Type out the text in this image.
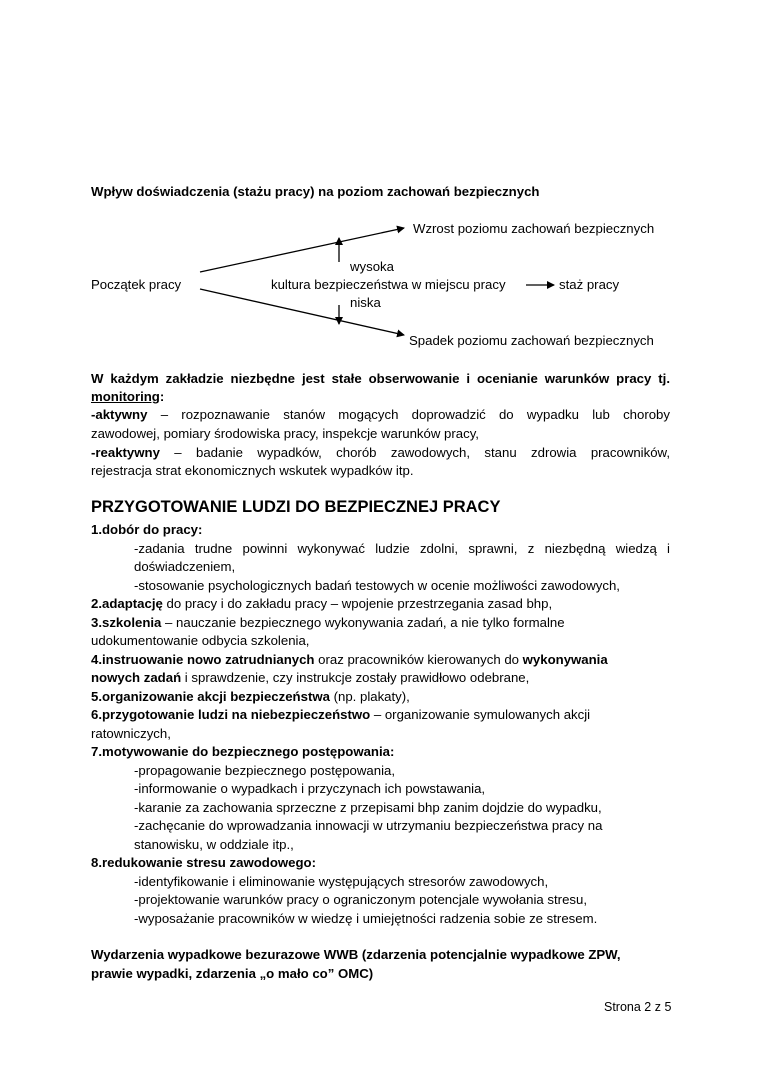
Wpływ doświadczenia (stażu pracy) na poziom zachowań bezpiecznych
Wzrost poziomu zachowań bezpiecznych
wysoka
Początek pracy	kultura bezpieczeństwa w miejscu pracy	staż pracy
niska
Spadek poziomu zachowań bezpiecznych
W każdym zakładzie niezbędne jest stałe obserwowanie i ocenianie warunków pracy tj.
monitoring:
-aktywny – rozpoznawanie stanów mogących doprowadzić do wypadku lub choroby
zawodowej, pomiary środowiska pracy, inspekcje warunków pracy,
-reaktywny – badanie wypadków, chorób zawodowych, stanu zdrowia pracowników,
rejestracja strat ekonomicznych wskutek wypadków itp.
PRZYGOTOWANIE LUDZI DO BEZPIECZNEJ PRACY
1.dobór do pracy:
-zadania trudne powinni wykonywać ludzie zdolni, sprawni, z niezbędną wiedzą i
doświadczeniem,
-stosowanie psychologicznych badań testowych w ocenie możliwości zawodowych,
2.adaptację do pracy i do zakładu pracy – wpojenie przestrzegania zasad bhp,
3.szkolenia – nauczanie bezpiecznego wykonywania zadań, a nie tylko formalne
udokumentowanie odbycia szkolenia,
4.instruowanie nowo zatrudnianych oraz pracowników kierowanych do wykonywania
nowych zadań i sprawdzenie, czy instrukcje zostały prawidłowo odebrane,
5.organizowanie akcji bezpieczeństwa (np. plakaty),
6.przygotowanie ludzi na niebezpieczeństwo – organizowanie symulowanych akcji
ratowniczych,
7.motywowanie do bezpiecznego postępowania:
-propagowanie bezpiecznego postępowania,
-informowanie o wypadkach i przyczynach ich powstawania,
-karanie za zachowania sprzeczne z przepisami bhp zanim dojdzie do wypadku,
-zachęcanie do wprowadzania innowacji w utrzymaniu bezpieczeństwa pracy na
stanowisku, w oddziale itp.,
8.redukowanie stresu zawodowego:
-identyfikowanie i eliminowanie występujących stresorów zawodowych,
-projektowanie warunków pracy o ograniczonym potencjale wywołania stresu,
-wyposażanie pracowników w wiedzę i umiejętności radzenia sobie ze stresem.
Wydarzenia wypadkowe bezurazowe WWB (zdarzenia potencjalnie wypadkowe ZPW,
prawie wypadki, zdarzenia „o mało co” OMC)
Strona 2 z 5
